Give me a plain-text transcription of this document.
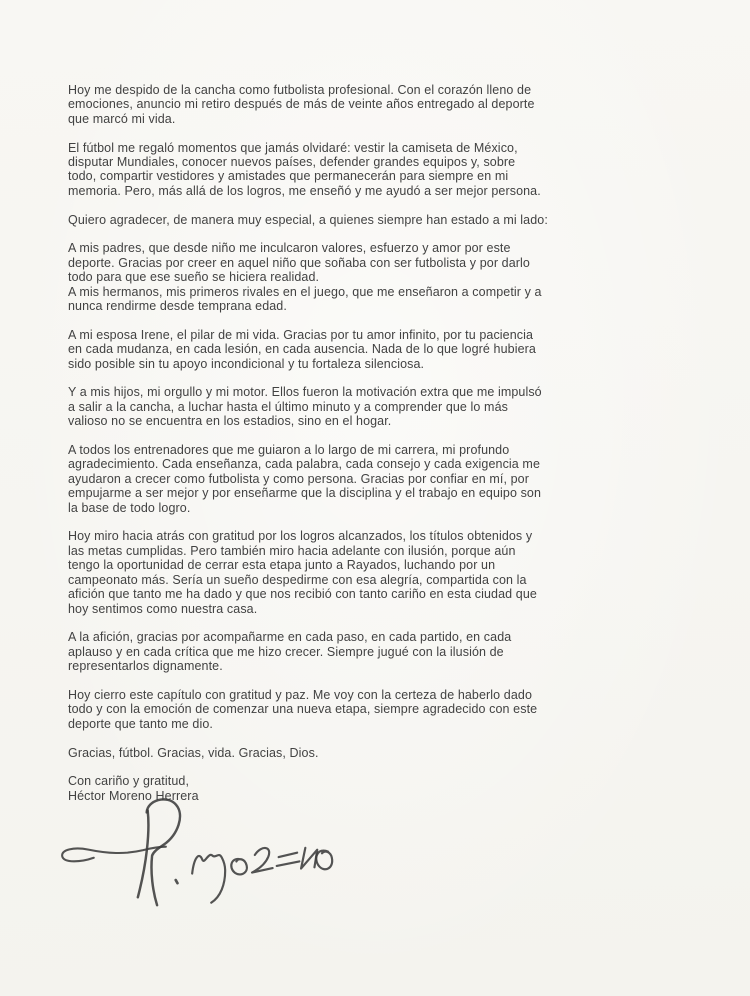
Hoy me despido de la cancha como futbolista profesional. Con el corazón lleno de
emociones, anuncio mi retiro después de más de veinte años entregado al deporte
que marcó mi vida.
El fútbol me regaló momentos que jamás olvidaré: vestir la camiseta de México,
disputar Mundiales, conocer nuevos países, defender grandes equipos y, sobre
todo, compartir vestidores y amistades que permanecerán para siempre en mi
memoria. Pero, más allá de los logros, me enseñó y me ayudó a ser mejor persona.
Quiero agradecer, de manera muy especial, a quienes siempre han estado a mi lado:
A mis padres, que desde niño me inculcaron valores, esfuerzo y amor por este
deporte. Gracias por creer en aquel niño que soñaba con ser futbolista y por darlo
todo para que ese sueño se hiciera realidad.
A mis hermanos, mis primeros rivales en el juego, que me enseñaron a competir y a
nunca rendirme desde temprana edad.
A mi esposa Irene, el pilar de mi vida. Gracias por tu amor infinito, por tu paciencia
en cada mudanza, en cada lesión, en cada ausencia. Nada de lo que logré hubiera
sido posible sin tu apoyo incondicional y tu fortaleza silenciosa.
Y a mis hijos, mi orgullo y mi motor. Ellos fueron la motivación extra que me impulsó
a salir a la cancha, a luchar hasta el último minuto y a comprender que lo más
valioso no se encuentra en los estadios, sino en el hogar.
A todos los entrenadores que me guiaron a lo largo de mi carrera, mi profundo
agradecimiento. Cada enseñanza, cada palabra, cada consejo y cada exigencia me
ayudaron a crecer como futbolista y como persona. Gracias por confiar en mí, por
empujarme a ser mejor y por enseñarme que la disciplina y el trabajo en equipo son
la base de todo logro.
Hoy miro hacia atrás con gratitud por los logros alcanzados, los títulos obtenidos y
las metas cumplidas. Pero también miro hacia adelante con ilusión, porque aún
tengo la oportunidad de cerrar esta etapa junto a Rayados, luchando por un
campeonato más. Sería un sueño despedirme con esa alegría, compartida con la
afición que tanto me ha dado y que nos recibió con tanto cariño en esta ciudad que
hoy sentimos como nuestra casa.
A la afición, gracias por acompañarme en cada paso, en cada partido, en cada
aplauso y en cada crítica que me hizo crecer. Siempre jugué con la ilusión de
representarlos dignamente.
Hoy cierro este capítulo con gratitud y paz. Me voy con la certeza de haberlo dado
todo y con la emoción de comenzar una nueva etapa, siempre agradecido con este
deporte que tanto me dio.
Gracias, fútbol. Gracias, vida. Gracias, Dios.
Con cariño y gratitud,
Héctor Moreno Herrera
